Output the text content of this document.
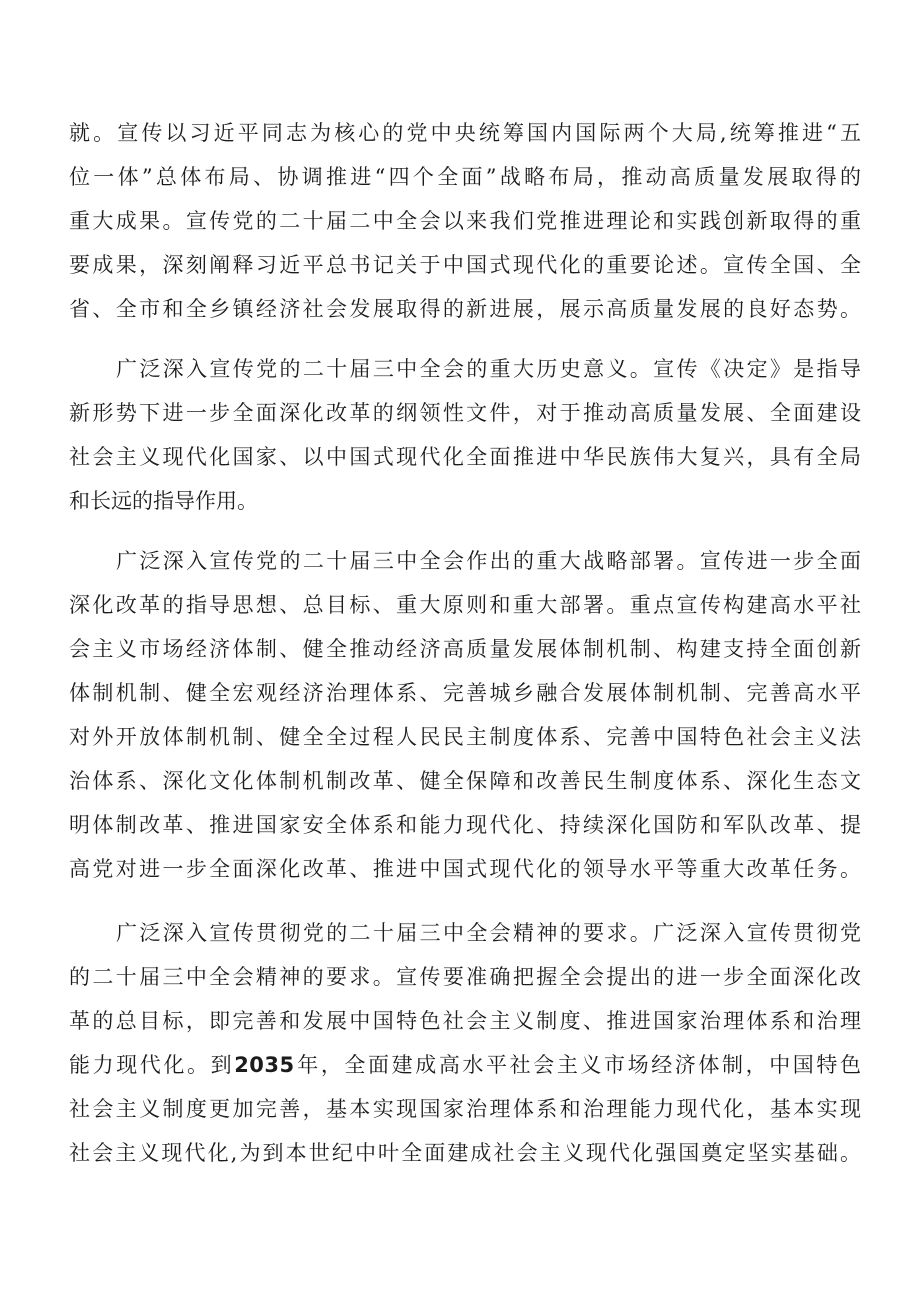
就。宣传以习近平同志为核心的党中央统筹国内国际两个大局,统筹推进“五

位一体”总体布局、协调推进“四个全面”战略布局，推动高质量发展取得的

重大成果。宣传党的二十届二中全会以来我们党推进理论和实践创新取得的重

要成果，深刻阐释习近平总书记关于中国式现代化的重要论述。宣传全国、全

省、全市和全乡镇经济社会发展取得的新进展，展示高质量发展的良好态势。

广泛深入宣传党的二十届三中全会的重大历史意义。宣传《决定》是指导

新形势下进一步全面深化改革的纲领性文件，对于推动高质量发展、全面建设

社会主义现代化国家、以中国式现代化全面推进中华民族伟大复兴，具有全局

和长远的指导作用。

广泛深入宣传党的二十届三中全会作出的重大战略部署。宣传进一步全面

深化改革的指导思想、总目标、重大原则和重大部署。重点宣传构建高水平社

会主义市场经济体制、健全推动经济高质量发展体制机制、构建支持全面创新

体制机制、健全宏观经济治理体系、完善城乡融合发展体制机制、完善高水平

对外开放体制机制、健全全过程人民民主制度体系、完善中国特色社会主义法

治体系、深化文化体制机制改革、健全保障和改善民生制度体系、深化生态文

明体制改革、推进国家安全体系和能力现代化、持续深化国防和军队改革、提

高党对进一步全面深化改革、推进中国式现代化的领导水平等重大改革任务。

广泛深入宣传贯彻党的二十届三中全会精神的要求。广泛深入宣传贯彻党

的二十届三中全会精神的要求。宣传要准确把握全会提出的进一步全面深化改

革的总目标，即完善和发展中国特色社会主义制度、推进国家治理体系和治理

能力现代化。到2035年，全面建成高水平社会主义市场经济体制，中国特色

社会主义制度更加完善，基本实现国家治理体系和治理能力现代化，基本实现

社会主义现代化,为到本世纪中叶全面建成社会主义现代化强国奠定坚实基础。
